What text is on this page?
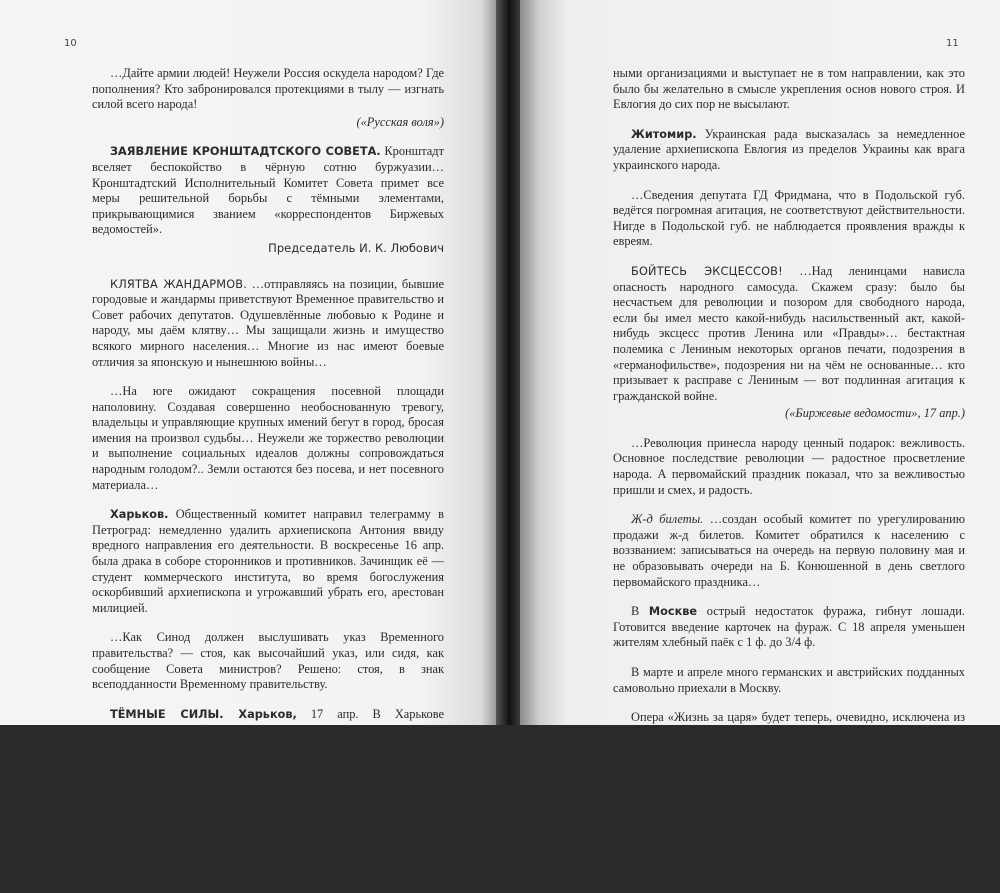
10

…Дайте армии людей! Неужели Россия оскудела народом? Где пополнения? Кто забронировался протекциями в тылу — изгнать силой всего народа!

(«Русская воля»)

ЗАЯВЛЕНИЕ КРОНШТАДТСКОГО СОВЕТА. Кронштадт вселяет беспокойство в чёрную сотню буржуазии… Кронштадтский Исполнительный Комитет Совета примет все меры решительной борьбы с тёмными элементами, прикрывающимися званием «корреспондентов Биржевых ведомостей».

Председатель И. К. Любович

КЛЯТВА ЖАНДАРМОВ. …отправляясь на позиции, бывшие городовые и жандармы приветствуют Временное правительство и Совет рабочих депутатов. Одушевлённые любовью к Родине и народу, мы даём клятву… Мы защищали жизнь и имущество всякого мирного населения… Многие из нас имеют боевые отличия за японскую и нынешнюю войны…

…На юге ожидают сокращения посевной площади наполовину. Создавая совершенно необоснованную тревогу, владельцы и управляющие крупных имений бегут в город, бросая имения на произвол судьбы… Неужели же торжество революции и выполнение социальных идеалов должны сопровождаться народным голодом?.. Земли остаются без посева, и нет посевного материала…

Харьков. Общественный комитет направил телеграмму в Петроград: немедленно удалить архиепископа Антония ввиду вредного направления его деятельности. В воскресенье 16 апр. была драка в соборе сторонников и противников. Зачинщик её — студент коммерческого института, во время богослужения оскорбивший архиепископа и угрожавший убрать его, арестован милицией.

…Как Синод должен выслушивать указ Временного правительства? — стоя, как высочайший указ, или сидя, как сообщение Совета министров? Решено: стоя, в знак всеподданности Временному правительству.

ТЁМНЫЕ СИЛЫ. Харьков, 17 апр. В Харькове распространяются тёмные слухи о том, что вчера, во время служения архиепископа Антония в Мироносицкой церкви, какой-то еврей Коуфман «что-то сказал». Коуфман подвергся избиению.

(«Русское слово», 18 апр.)

Житомирский городской Исполнительный Комитет обратился с ходатайством к Временному правительству: удалить епископа Евлогия из пределов Волынской губ. Ходатайство поддержано житомирским Советом рабочих депутатов. Но духовенство расходится со всеми общественными организациями

11

ными организациями и выступает не в том направлении, как это было бы желательно в смысле укрепления основ нового строя. И Евлогия до сих пор не высылают.

Житомир. Украинская рада высказалась за немедленное удаление архиепископа Евлогия из пределов Украины как врага украинского народа.

…Сведения депутата ГД Фридмана, что в Подольской губ. ведётся погромная агитация, не соответствуют действительности. Нигде в Подольской губ. не наблюдается проявления вражды к евреям.

БОЙТЕСЬ ЭКСЦЕССОВ! …Над ленинцами нависла опасность народного самосуда. Скажем сразу: было бы несчастьем для революции и позором для свободного народа, если бы имел место какой-нибудь насильственный акт, какой-нибудь эксцесс против Ленина или «Правды»… бестактная полемика с Лениным некоторых органов печати, подозрения в «германофильстве», подозрения ни на чём не основанные… кто призывает к расправе с Лениным — вот подлинная агитация к гражданской войне.

(«Биржевые ведомости», 17 апр.)

…Революция принесла народу ценный подарок: вежливость. Основное последствие революции — радостное просветление народа. А первомайский праздник показал, что за вежливостью пришли и смех, и радость.

Ж-д билеты. …создан особый комитет по урегулированию продажи ж-д билетов. Комитет обратился к населению с воззванием: записываться на очередь на первую половину мая и не образовывать очереди на Б. Конюшенной в день светлого первомайского праздника…

В Москве острый недостаток фуража, гибнут лошади. Готовится введение карточек на фураж. С 18 апреля уменьшен жителям хлебный паёк с 1 ф. до 3/4 ф.

В марте и апреле много германских и австрийских подданных самовольно приехали в Москву.

Опера «Жизнь за царя» будет теперь, очевидно, исключена из театрального репертуара.

В Мариинском театре совещание о дальнейших отсрочках военнообязанным артистам… В Александринском театре таких 28 ч., в том числе Мейерхольд. На собрании труппы Александринского театра принята резолюция: «Признать деятельность театров в военное время необходимой, так как она поддерживает бодрость в народе».
